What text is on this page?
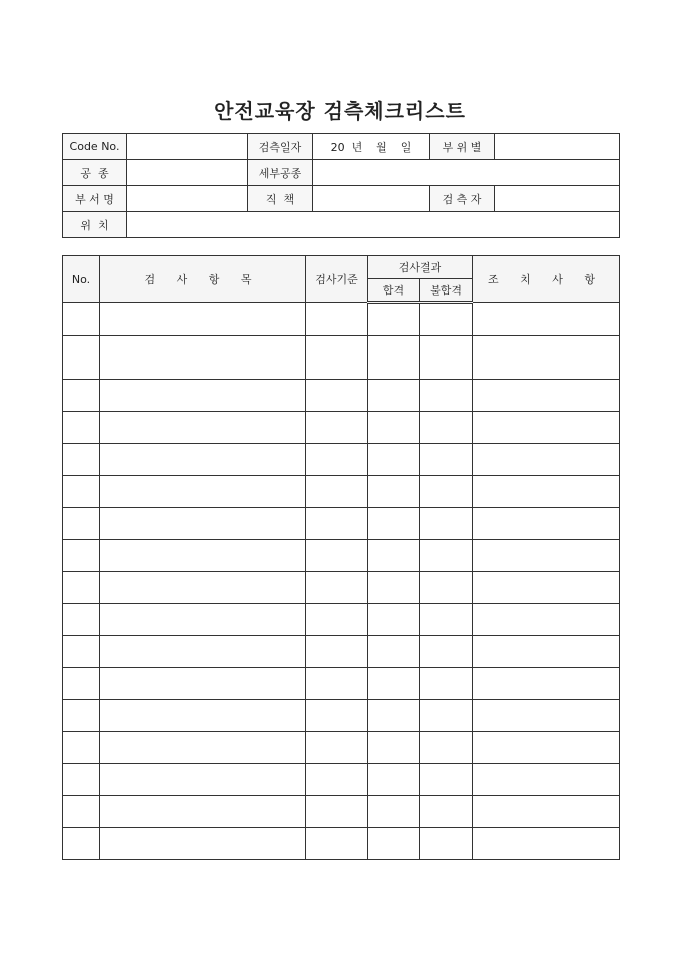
안전교육장 검측체크리스트
Code No.		검측일자	20  년    월    일	부 위 별	
공  종		세부공종			
부 서 명		직  책		검 측 자	
위  치					
No.	검 사 항 목	검사기준	검사결과		조 치 사 항
			합격	불합격	
